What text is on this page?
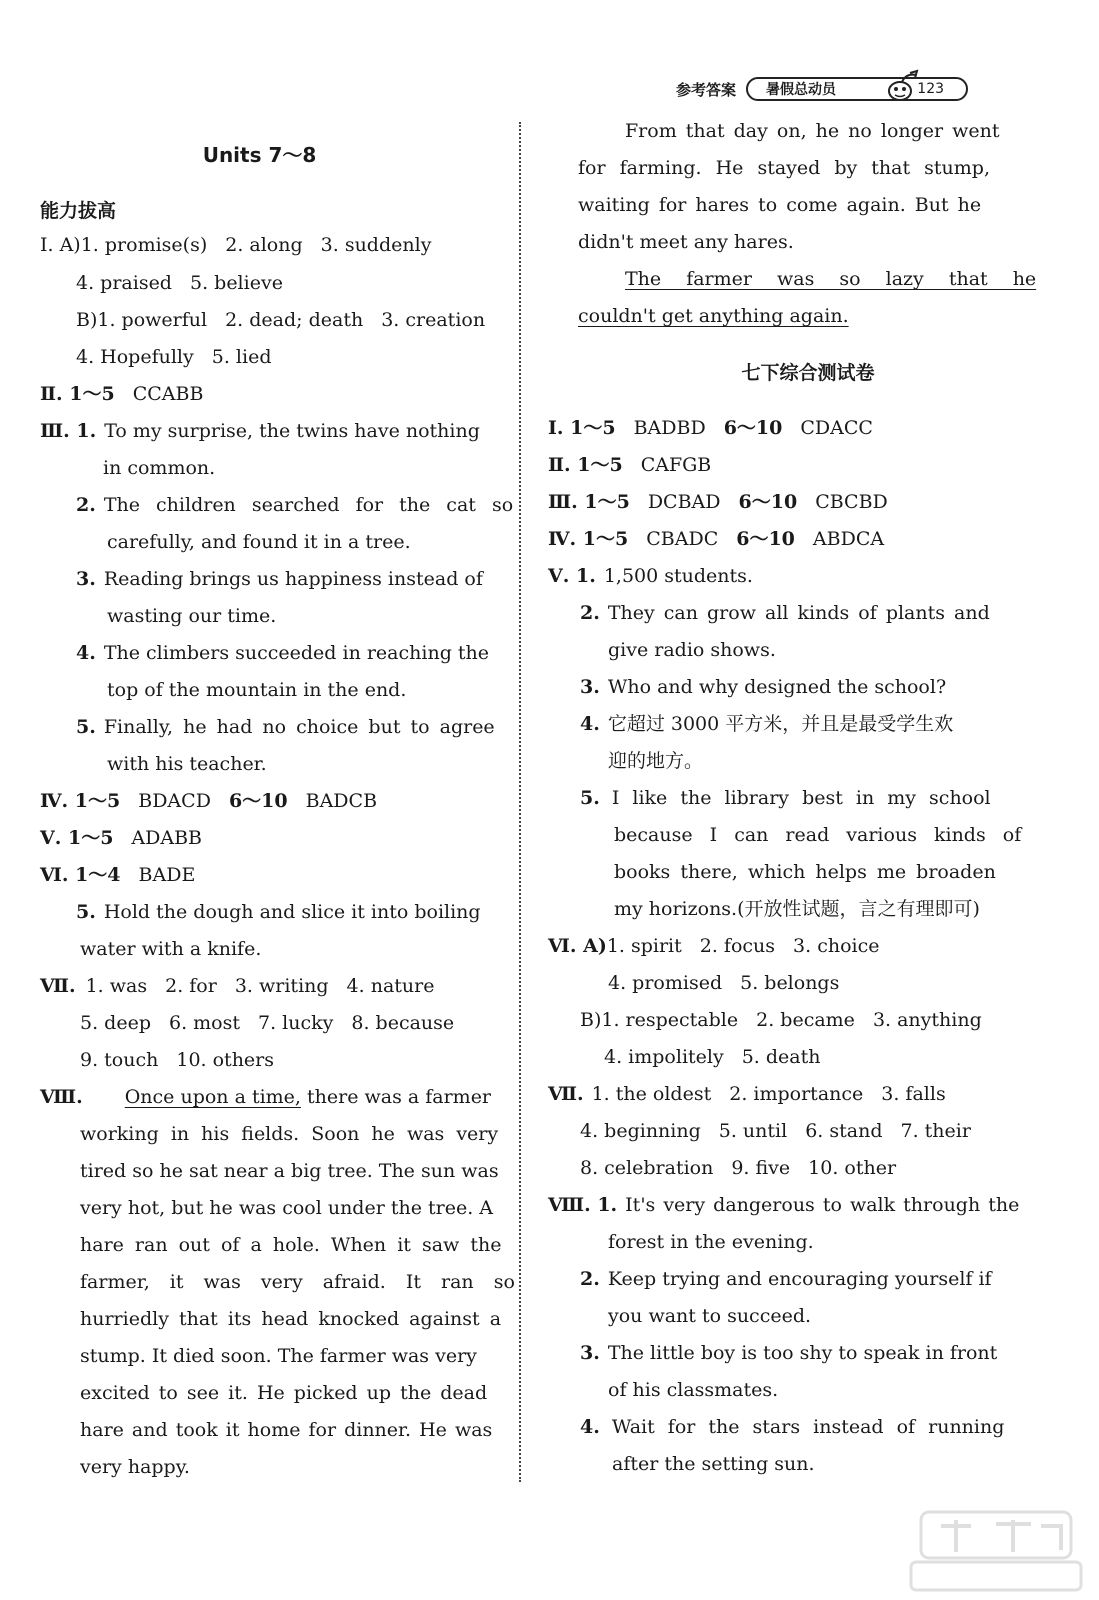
参考答案 暑假总动员	123
Units 7～8
能力拔高
Ⅰ. A)1. promise(s) 2. along 3. suddenly
4. praised 5. believe
B)1. powerful 2. dead; death 3. creation
4. Hopefully 5. lied
Ⅱ. 1～5 CCABB
Ⅲ. 1. To my surprise, the twins have nothing
in common.
2. The children searched for the cat so
carefully, and found it in a tree.
3. Reading brings us happiness instead of
wasting our time.
4. The climbers succeeded in reaching the
top of the mountain in the end.
5. Finally, he had no choice but to agree
with his teacher.
Ⅳ. 1～5 BDACD 6～10 BADCB
Ⅴ. 1～5 ADABB
Ⅵ. 1～4 BADE
5. Hold the dough and slice it into boiling
water with a knife.
Ⅶ. 1. was 2. for 3. writing 4. nature
5. deep 6. most 7. lucky 8. because
9. touch 10. others
Ⅷ. Once upon a time, there was a farmer
working in his fields. Soon he was very
tired so he sat near a big tree. The sun was
very hot, but he was cool under the tree. A
hare ran out of a hole. When it saw the
farmer, it was very afraid. It ran so
hurriedly that its head knocked against a
stump. It died soon. The farmer was very
excited to see it. He picked up the dead
hare and took it home for dinner. He was
very happy.
From that day on, he no longer went
for farming. He stayed by that stump,
waiting for hares to come again. But he
didn't meet any hares.
The farmer was so lazy that he
couldn't get anything again.
七下综合测试卷
Ⅰ. 1～5 BADBD 6～10 CDACC
Ⅱ. 1～5 CAFGB
Ⅲ. 1～5 DCBAD 6～10 CBCBD
Ⅳ. 1～5 CBADC 6～10 ABDCA
Ⅴ. 1. 1,500 students.
2. They can grow all kinds of plants and
give radio shows.
3. Who and why designed the school?
4. 它超过 3000 平方米，并且是最受学生欢
迎的地方。
5. I like the library best in my school
because I can read various kinds of
books there, which helps me broaden
my horizons.(开放性试题，言之有理即可)
Ⅵ. A)1. spirit 2. focus 3. choice
4. promised 5. belongs
B)1. respectable 2. became 3. anything
4. impolitely 5. death
Ⅶ. 1. the oldest 2. importance 3. falls
4. beginning 5. until 6. stand 7. their
8. celebration 9. five 10. other
Ⅷ. 1. It's very dangerous to walk through the
forest in the evening.
2. Keep trying and encouraging yourself if
you want to succeed.
3. The little boy is too shy to speak in front
of his classmates.
4. Wait for the stars instead of running
after the setting sun.
